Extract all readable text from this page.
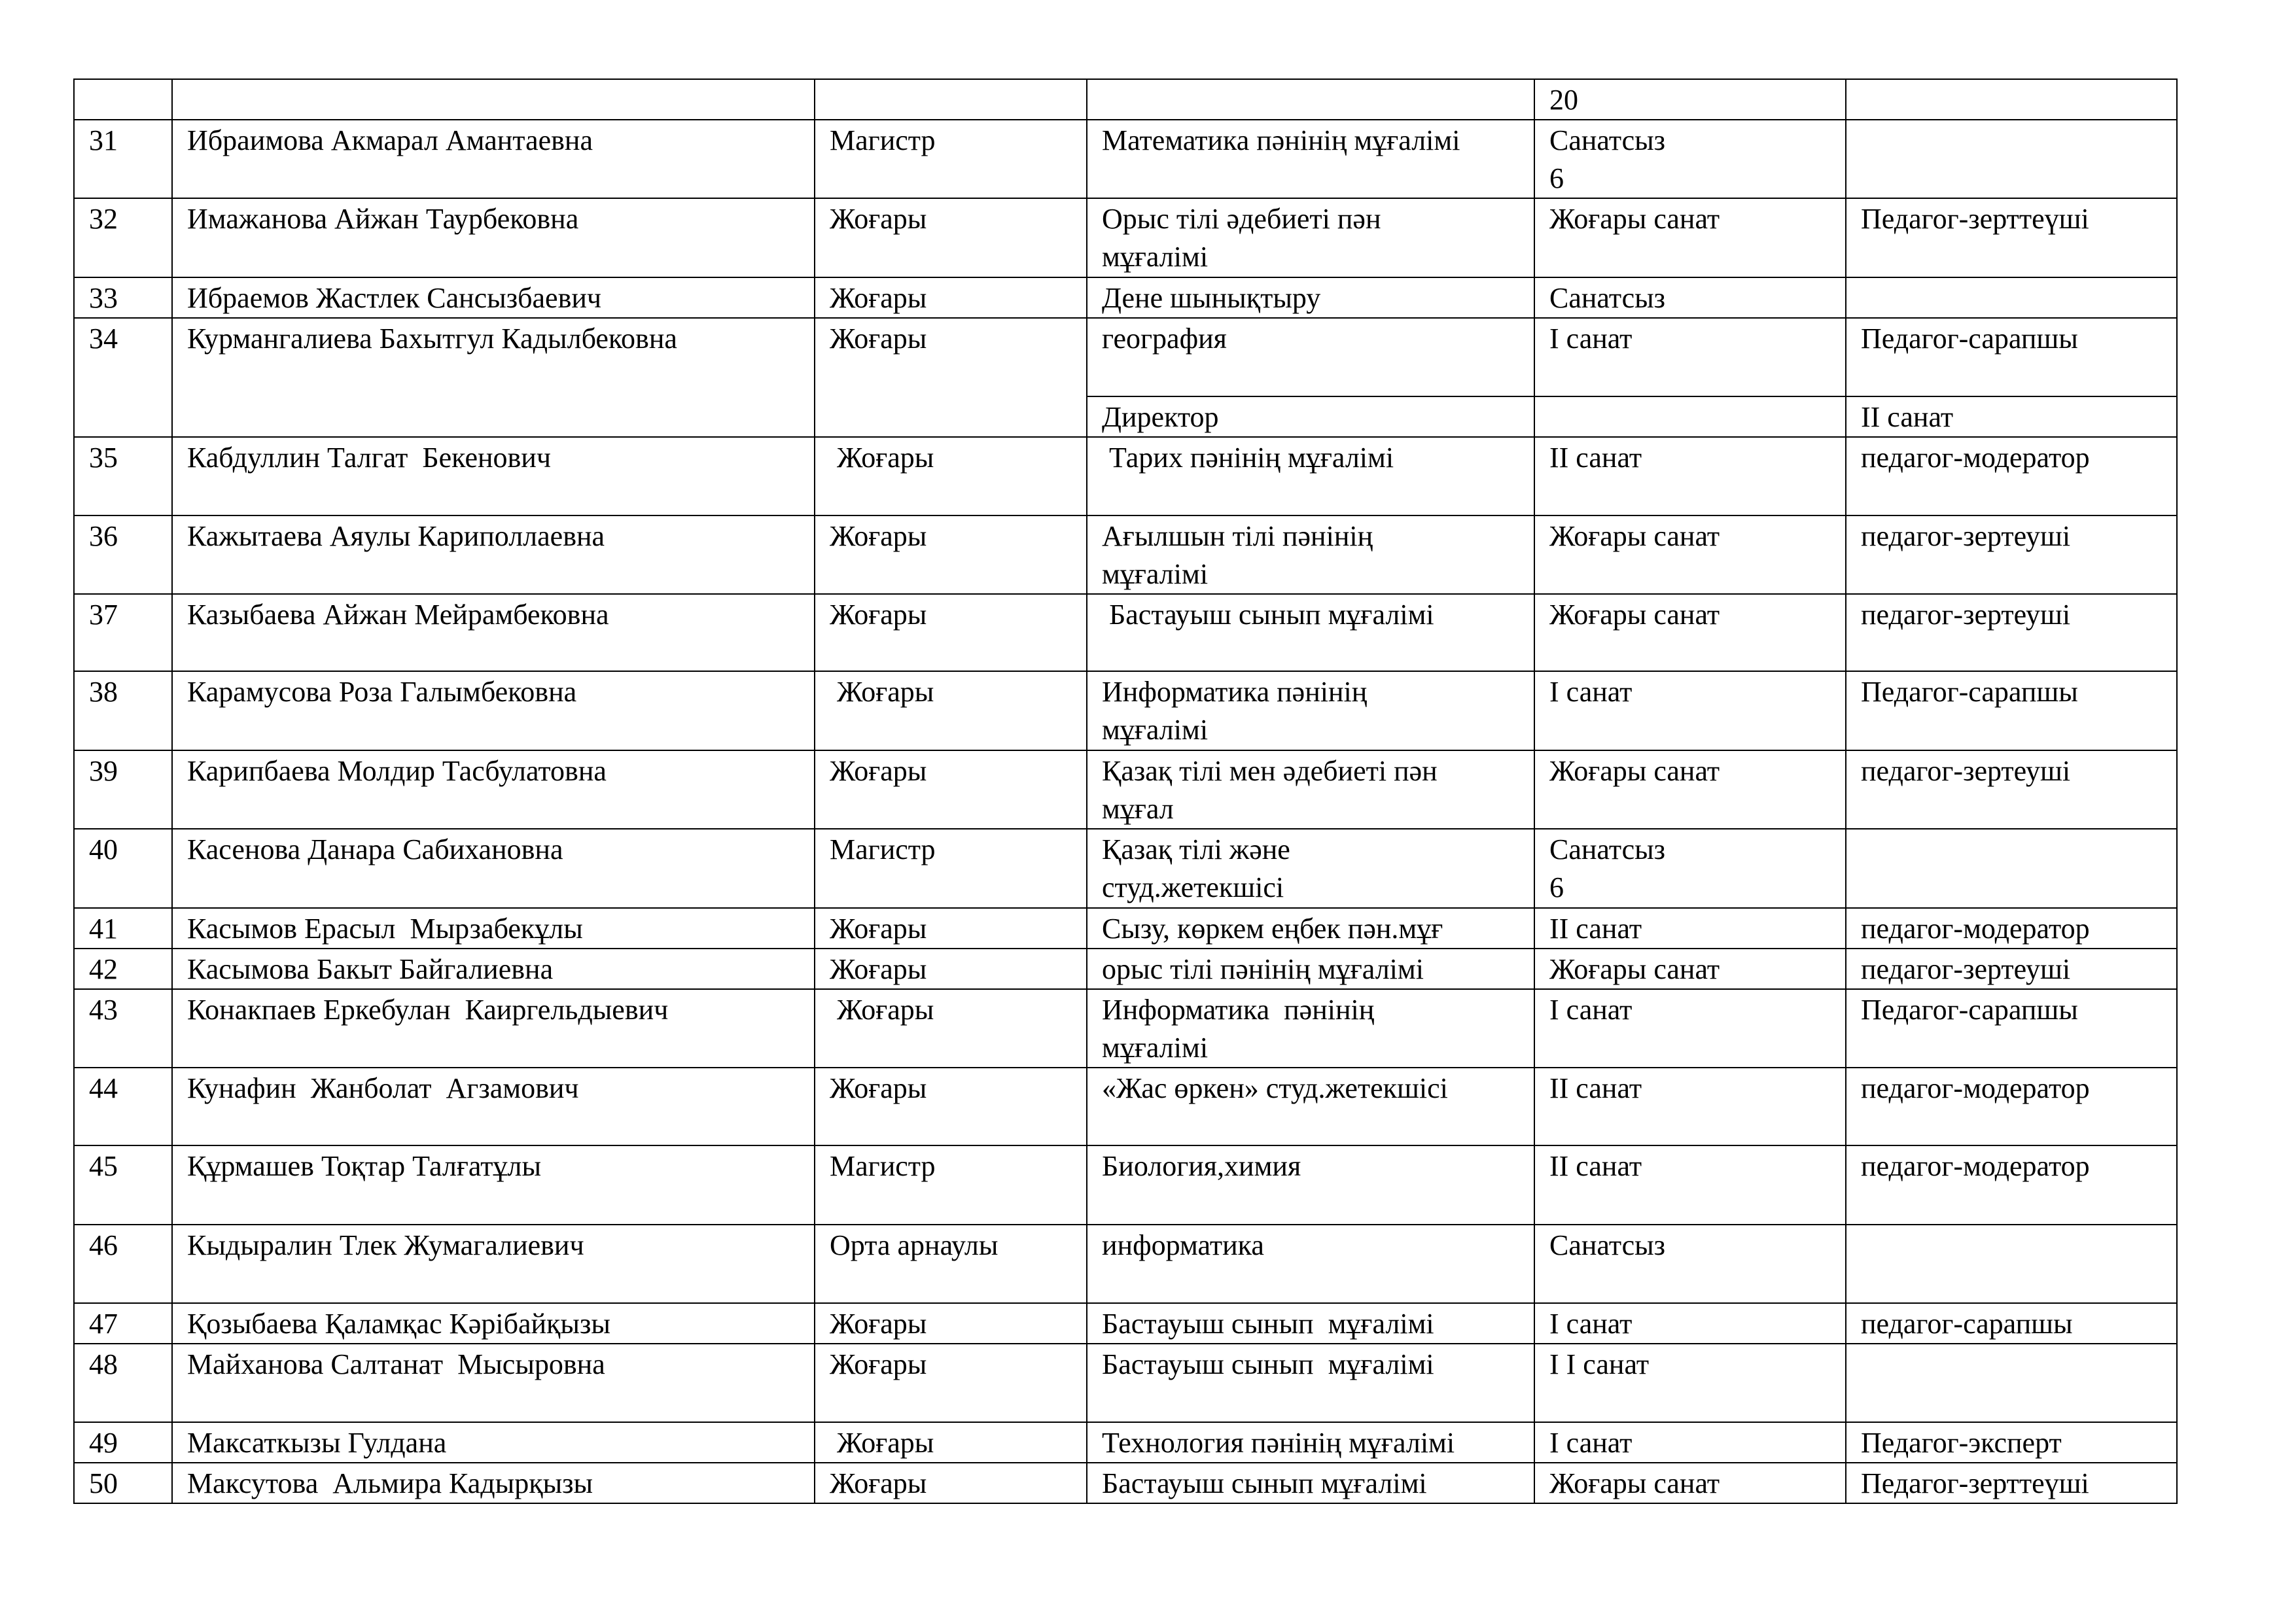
				20	
31	Ибраимова Акмарал Амантаевна	Магистр	Математика пәнінің мұғалімі	Санатсыз
6	
32	Имажанова Айжан Таурбековна	Жоғары	Орыс тілі әдебиеті пән
мұғалімі	Жоғары санат	Педагог-зерттеүші
33	Ибраемов Жастлек Сансызбаевич	Жоғары	Дене шынықтыру	Санатсыз	
34	Курмангалиева Бахытгул Кадылбековна	Жоғары	география	I санат	Педагог-сарапшы
			Директор		II санат
35	Кабдуллин Талгат  Бекенович	Жоғары	Тарих пәнінің мұғалімі	II санат	педагог-модератор
36	Кажытаева Аяулы Кариполлаевна	Жоғары	Ағылшын тілі пәнінің
мұғалімі	Жоғары санат	педагог-зертеуші
37	Казыбаева Айжан Мейрамбековна	Жоғары	Бастауыш сынып мұғалімі	Жоғары санат	педагог-зертеуші
38	Карамусова Роза Галымбековна	Жоғары	Информатика пәнінің
мұғалімі	I санат	Педагог-сарапшы
39	Карипбаева Молдир Тасбулатовна	Жоғары	Қазақ тілі мен әдебиеті пән
мұғал	Жоғары санат	педагог-зертеуші
40	Касенова Данара Сабихановна	Магистр	Қазақ тілі және
студ.жетекшісі	Санатсыз
6	
41	Касымов Ерасыл  Мырзабекұлы	Жоғары	Сызу, көркем еңбек пән.мұғ	II санат	педагог-модератор
42	Касымова Бакыт Байгалиевна	Жоғары	орыс тілі пәнінің мұғалімі	Жоғары санат	педагог-зертеуші
43	Конакпаев Еркебулан  Каиргельдыевич	Жоғары	Информатика  пәнінің
мұғалімі	I санат	Педагог-сарапшы
44	Кунафин  Жанболат  Агзамович	Жоғары	«Жас өркен» студ.жетекшісі	II санат	педагог-модератор
45	Құрмашев Тоқтар Талғатұлы	Магистр	Биология,химия	II санат	педагог-модератор
46	Кыдыралин Тлек Жумагалиевич	Орта арнаулы	информатика	Санатсыз	
47	Қозыбаева Қаламқас Кәрібайқызы	Жоғары	Бастауыш сынып  мұғалімі	I санат	педагог-сарапшы
48	Майханова Салтанат  Мысыровна	Жоғары	Бастауыш сынып  мұғалімі	I I санат	
49	Максаткызы Гулдана	Жоғары	Технология пәнінің мұғалімі	I санат	Педагог-эксперт
50	Максутова  Альмира Кадырқызы	Жоғары	Бастауыш сынып мұғалімі	Жоғары санат	Педагог-зерттеүші
